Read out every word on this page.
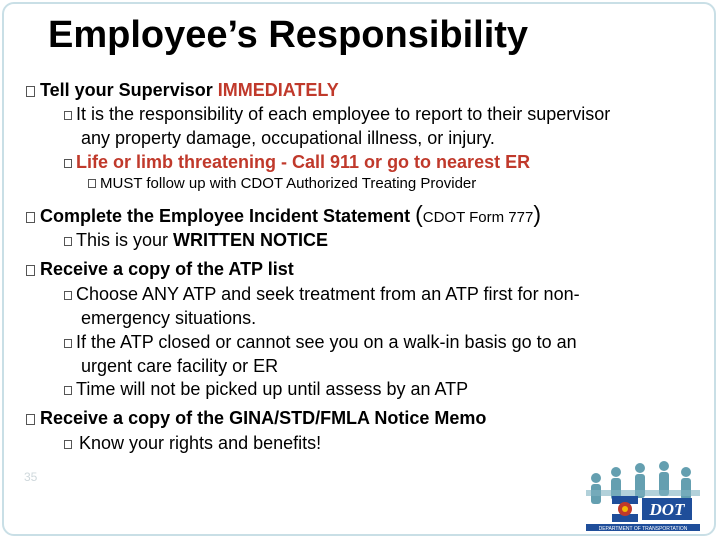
Employee’s Responsibility
Tell your Supervisor IMMEDIATELY
It is the responsibility of each employee to report to their supervisor
any property damage, occupational illness, or injury.
Life or limb threatening - Call 911 or go to nearest ER
MUST follow up with CDOT Authorized Treating Provider
Complete the Employee Incident Statement (CDOT Form 777)
This is your WRITTEN NOTICE
Receive a copy of the ATP list
Choose ANY ATP and seek treatment from an ATP first for non-
emergency situations.
If the ATP closed or cannot see you on a walk-in basis go to an
urgent care facility or ER
Time will not be picked up until assess by an ATP
Receive a copy of the GINA/STD/FMLA Notice Memo
Know your rights and benefits!
35
DOT
DEPARTMENT OF TRANSPORTATION
